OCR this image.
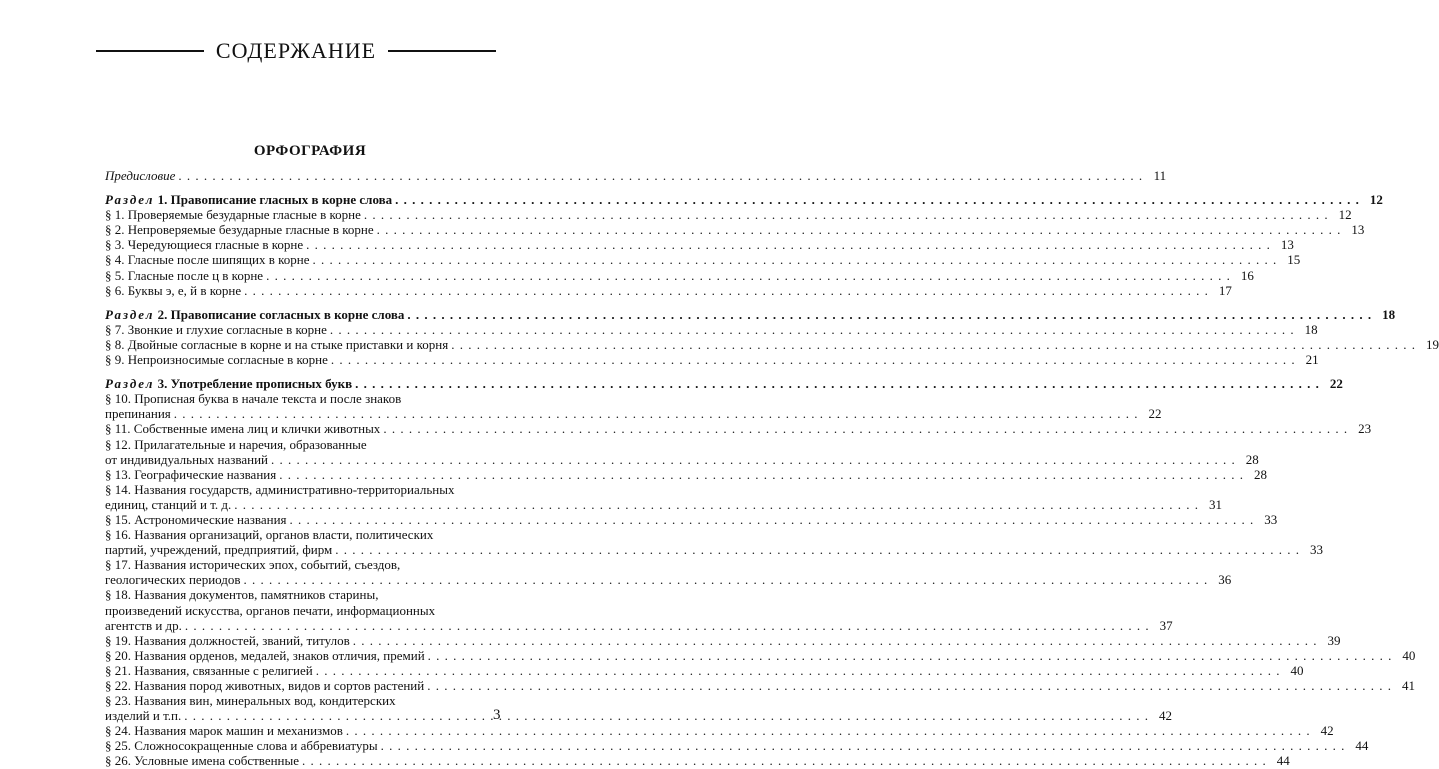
СОДЕРЖАНИЕ
ОРФОГРАФИЯ
Предисловие . . .	11
Раздел 1. Правописание гласных в корне слова . . .	12
§ 1. Проверяемые безударные гласные в корне . . .	12
§ 2. Непроверяемые безударные гласные в корне . . .	13
§ 3. Чередующиеся гласные в корне . . .	13
§ 4. Гласные после шипящих в корне . . .	15
§ 5. Гласные после ц в корне . . .	16
§ 6. Буквы э, е, й в корне . . .	17
Раздел 2. Правописание согласных в корне слова . . .	18
§ 7. Звонкие и глухие согласные в корне . . .	18
§ 8. Двойные согласные в корне и на стыке приставки и корня . . .	19
§ 9. Непроизносимые согласные в корне . . .	21
Раздел 3. Употребление прописных букв . . .	22
§ 10. Прописная буква в начале текста и после знаков
препинания . . .	22
§ 11. Собственные имена лиц и клички животных . . .	23
§ 12. Прилагательные и наречия, образованные
от индивидуальных названий . . .	28
§ 13. Географические названия . . .	28
§ 14. Названия государств, административно-территориальных
единиц, станций и т. д. . . .	31
§ 15. Астрономические названия . . .	33
§ 16. Названия организаций, органов власти, политических
партий, учреждений, предприятий, фирм . . .	33
§ 17. Названия исторических эпох, событий, съездов,
геологических периодов . . .	36
§ 18. Названия документов, памятников старины,
произведений искусства, органов печати, информационных
агентств и др. . . .	37
§ 19. Названия должностей, званий, титулов . . .	39
§ 20. Названия орденов, медалей, знаков отличия, премий . . .	40
§ 21. Названия, связанные с религией . . .	40
§ 22. Названия пород животных, видов и сортов растений . . .	41
§ 23. Названия вин, минеральных вод, кондитерских
изделий и т.п. . . .	42
§ 24. Названия марок машин и механизмов . . .	42
§ 25. Сложносокращенные слова и аббревиатуры . . .	44
§ 26. Условные имена собственные . . .	44
3
